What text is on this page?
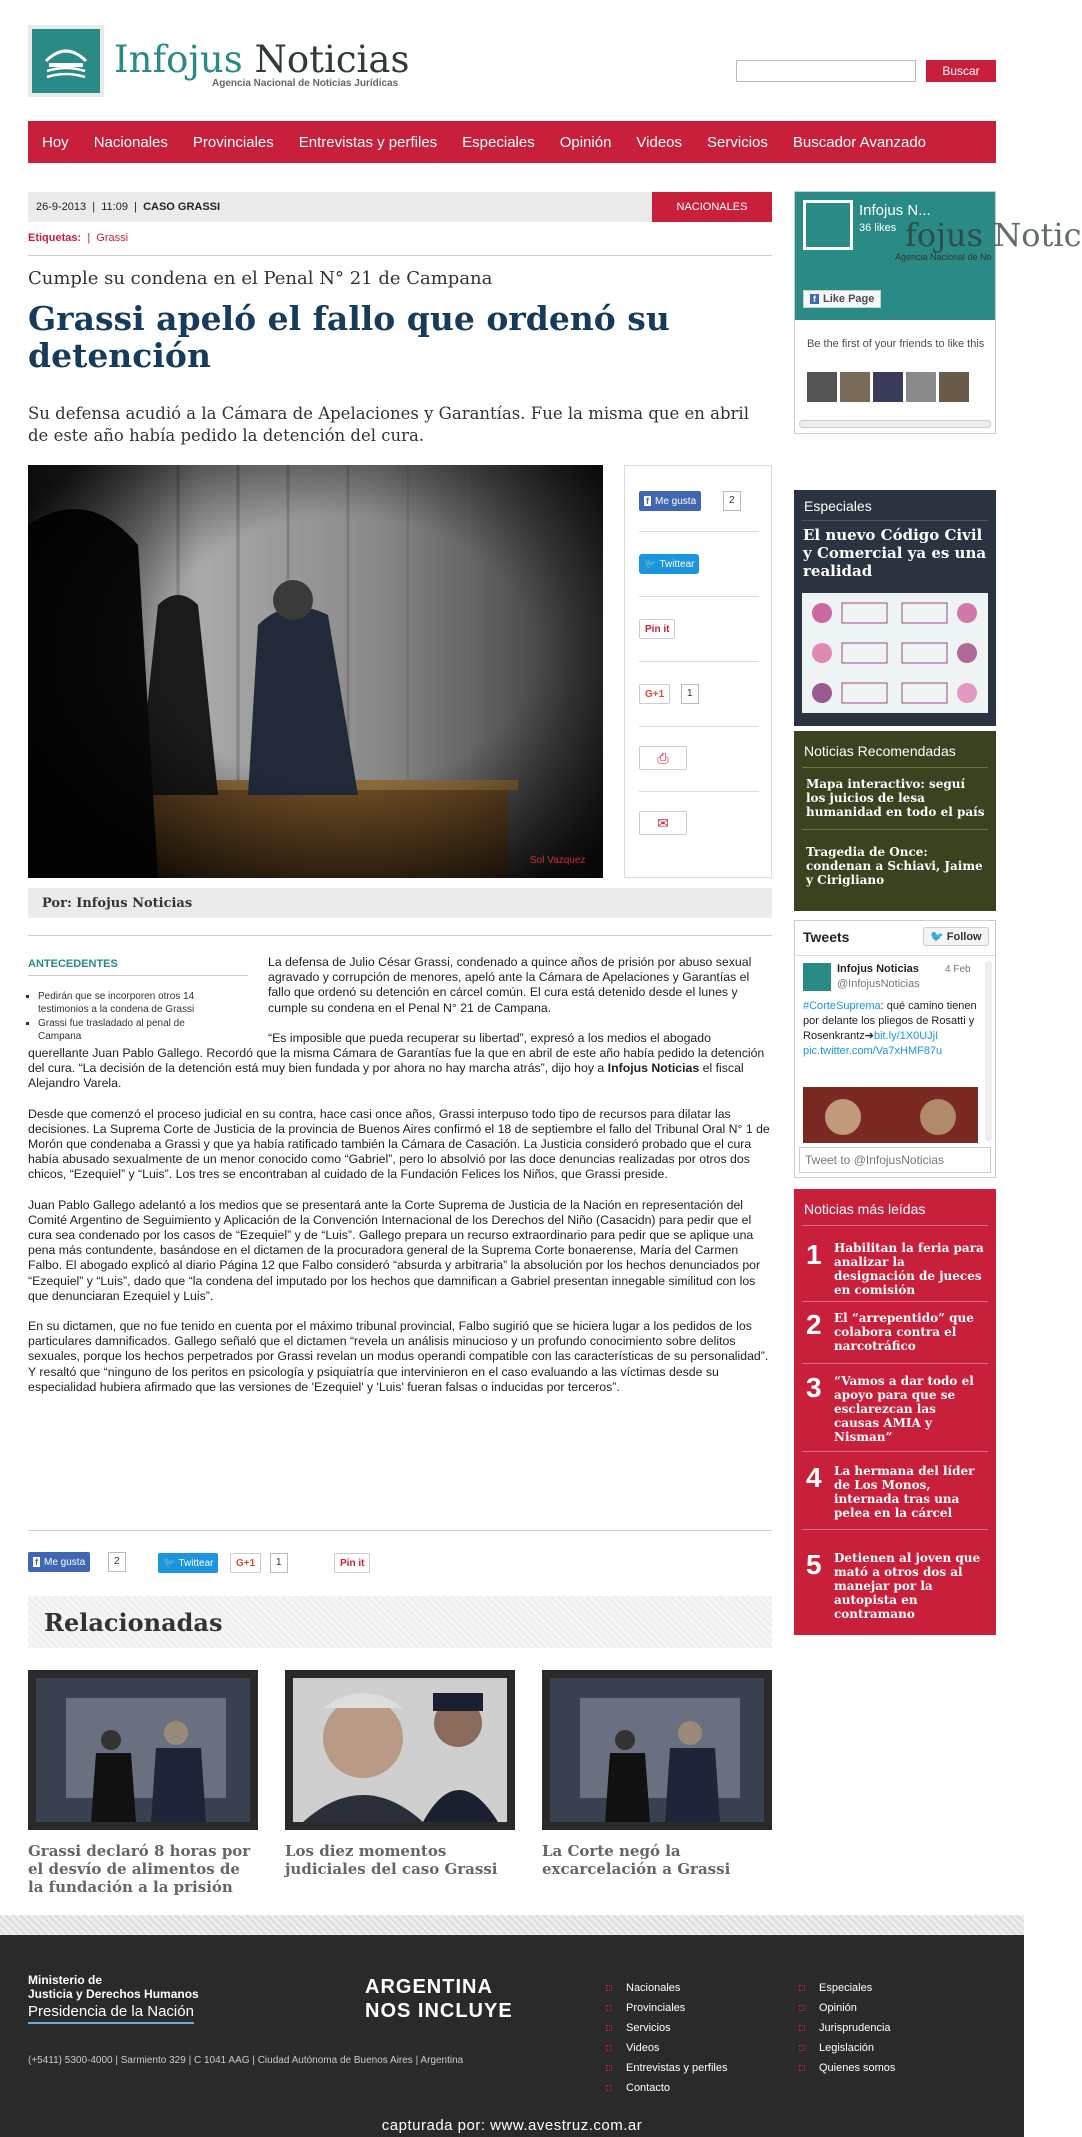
Infojus Noticias
Agencia Nacional de Noticias Jurídicas
Buscar
Hoy Nacionales Provinciales Entrevistas y perfiles Especiales Opinión Videos Servicios Buscador Avanzado
26-9-2013  |  11:09  |  CASO GRASSI	NACIONALES
Etiquetas: | Grassi
Cumple su condena en el Penal N° 21 de Campana
Grassi apeló el fallo que ordenó su detención
Su defensa acudió a la Cámara de Apelaciones y Garantías. Fue la misma que en abril de este año había pedido la detención del cura.
Sol Vazquez
f Me gusta	2
🐦 Twittear
Pin it
G+1	1
⎙
✉
Por: Infojus Noticias
ANTECEDENTES
▪ Pedirán que se incorporen otros 14 testimonios a la condena de Grassi
▪ Grassi fue trasladado al penal de Campana

La defensa de Julio César Grassi, condenado a quince años de prisión por abuso sexual agravado y corrupción de menores, apeló ante la Cámara de Apelaciones y Garantías el fallo que ordenó su detención en cárcel común. El cura está detenido desde el lunes y cumple su condena en el Penal N° 21 de Campana.

“Es imposible que pueda recuperar su libertad”, expresó a los medios el abogado querellante Juan Pablo Gallego. Recordó que la misma Cámara de Garantías fue la que en abril de este año había pedido la detención del cura. “La decisión de la detención está muy bien fundada y por ahora no hay marcha atrás”, dijo hoy a Infojus Noticias el fiscal Alejandro Varela.

Desde que comenzó el proceso judicial en su contra, hace casi once años, Grassi interpuso todo tipo de recursos para dilatar las decisiones. La Suprema Corte de Justicia de la provincia de Buenos Aires confirmó el 18 de septiembre el fallo del Tribunal Oral N° 1 de Morón que condenaba a Grassi y que ya había ratificado también la Cámara de Casación. La Justicia consideró probado que el cura había abusado sexualmente de un menor conocido como “Gabriel”, pero lo absolvió por las doce denuncias realizadas por otros dos chicos, “Ezequiel” y “Luis”. Los tres se encontraban al cuidado de la Fundación Felices los Niños, que Grassi preside.

Juan Pablo Gallego adelantó a los medios que se presentará ante la Corte Suprema de Justicia de la Nación en representación del Comité Argentino de Seguimiento y Aplicación de la Convención Internacional de los Derechos del Niño (Casacidn) para pedir que el cura sea condenado por los casos de “Ezequiel” y de “Luis”. Gallego prepara un recurso extraordinario para pedir que se aplique una pena más contundente, basándose en el dictamen de la procuradora general de la Suprema Corte bonaerense, María del Carmen Falbo. El abogado explicó al diario Página 12 que Falbo consideró “absurda y arbitraria” la absolución por los hechos denunciados por “Ezequiel” y “Luis”, dado que “la condena del imputado por los hechos que damnifican a Gabriel presentan innegable similitud con los que denunciaran Ezequiel y Luis”.

En su dictamen, que no fue tenido en cuenta por el máximo tribunal provincial, Falbo sugirió que se hiciera lugar a los pedidos de los particulares damnificados. Gallego señaló que el dictamen “revela un análisis minucioso y un profundo conocimiento sobre delitos sexuales, porque los hechos perpetrados por Grassi revelan un modus operandi compatible con las características de su personalidad”. Y resaltó que “ninguno de los peritos en psicología y psiquiatría que intervinieron en el caso evaluando a las víctimas desde su especialidad hubiera afirmado que las versiones de 'Ezequiel' y 'Luis' fueran falsas o inducidas por terceros”.

f Me gusta	2	🐦 Twittear	G+1	1	Pin it
Relacionadas
Grassi declaró 8 horas por el desvío de alimentos de la fundación a la prisión
Los diez momentos judiciales del caso Grassi
La Corte negó la excarcelación a Grassi
Infojus N...
36 likes fojus Notic
Agencia Nacional de No
f Like Page
Be the first of your friends to like this
Especiales
El nuevo Código Civil y Comercial ya es una realidad
Noticias Recomendadas
Mapa interactivo: seguí los juicios de lesa humanidad en todo el país
Tragedia de Once: condenan a Schiavi, Jaime y Cirigliano
Tweets	🐦 Follow
Infojus Noticias
@InfojusNoticias
4 Feb
#CorteSuprema: qué camino tienen por delante los pliegos de Rosatti y Rosenkrantz➔bit.ly/1X0UJjI pic.twitter.com/Va7xHMF87u
Tweet to @InfojusNoticias
Noticias más leídas
1 Habilitan la feria para analizar la designación de jueces en comisión
2 El “arrepentido” que colabora contra el narcotráfico
3 “Vamos a dar todo el apoyo para que se esclarezcan las causas AMIA y Nisman”
4 La hermana del líder de Los Monos, internada tras una pelea en la cárcel
5 Detienen al joven que mató a otros dos al manejar por la autopista en contramano
Ministerio de
Justicia y Derechos Humanos
Presidencia de la Nación
ARGENTINA
NOS INCLUYE
(+5411) 5300-4000 | Sarmiento 329 | C 1041 AAG | Ciudad Autónoma de Buenos Aires | Argentina
Nacionales
Provinciales
Servicios
Videos
Entrevistas y perfiles
Contacto
Especiales
Opinión
Jurisprudencia
Legislación
Quienes somos
capturada por: www.avestruz.com.ar
